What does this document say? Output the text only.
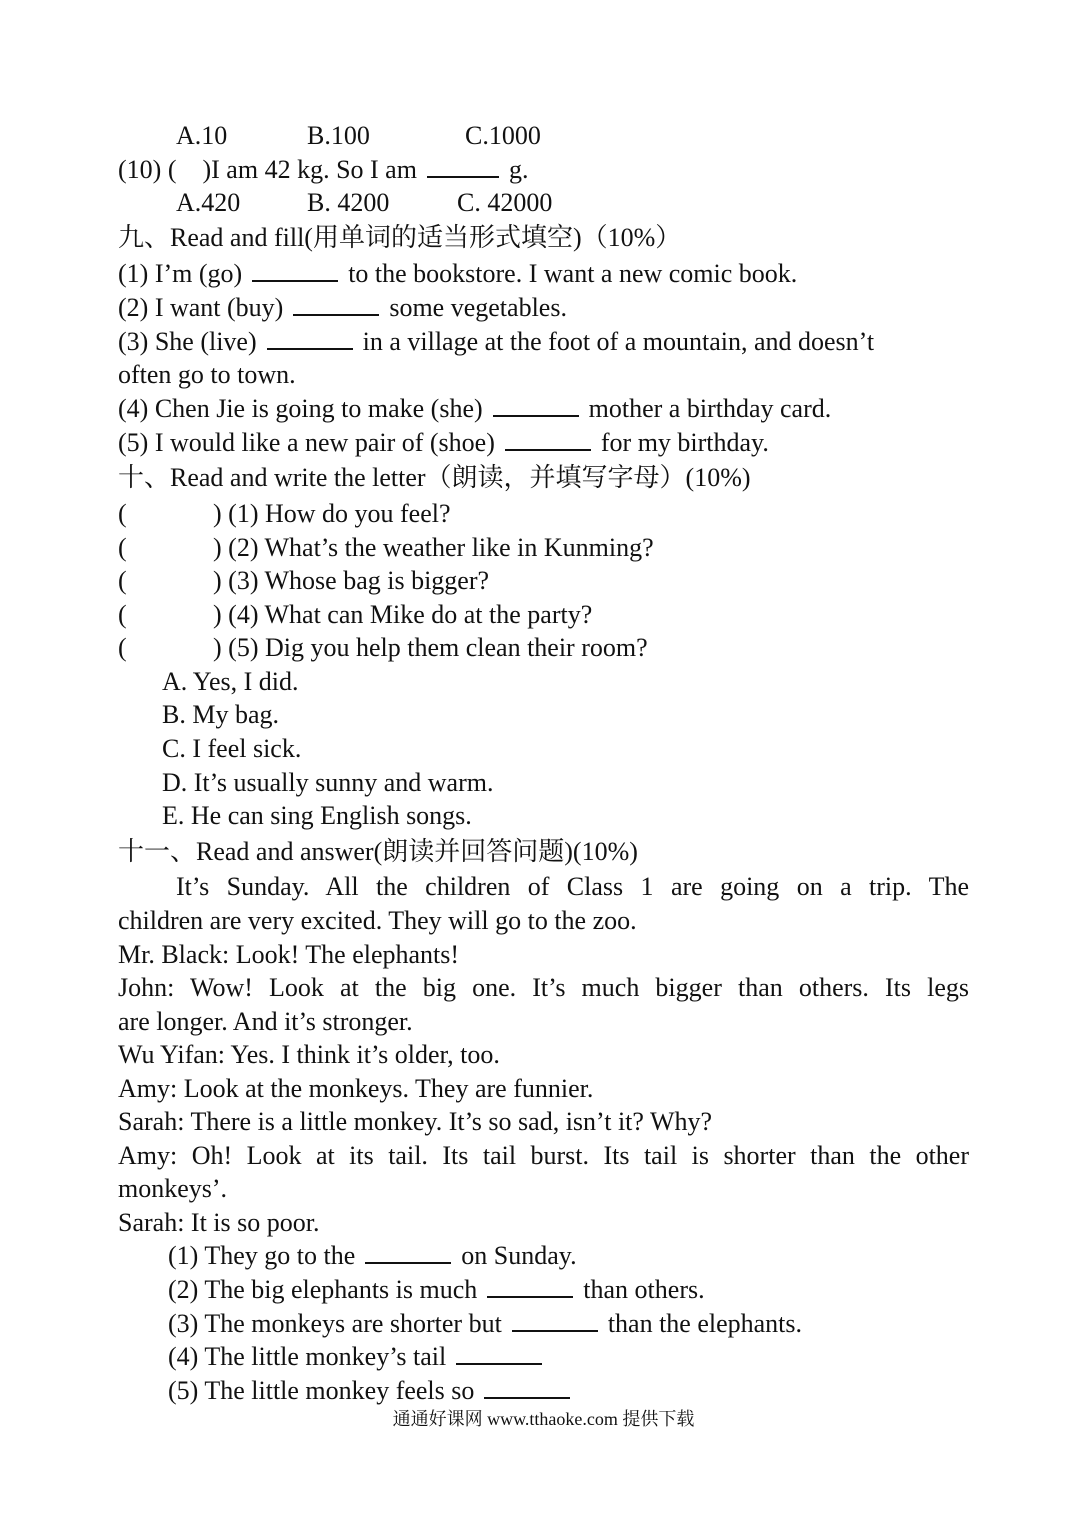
A.10	B.100	C.1000
(10) ( )I am 42 kg. So I am	g.
A.420	B. 4200	C. 42000
九、Read and fill(用单词的适当形式填空)（10%）
(1) I’m (go)	to the bookstore. I want a new comic book.
(2) I want (buy)	some vegetables.
(3) She (live)	in a village at the foot of a mountain, and doesn’t
often go to town.
(4) Chen Jie is going to make (she)	mother a birthday card.
(5) I would like a new pair of (shoe)	for my birthday.
十、Read and write the letter（朗读，并填写字母）(10%)
(	) (1) How do you feel?
(	) (2) What’s the weather like in Kunming?
(	) (3) Whose bag is bigger?
(	) (4) What can Mike do at the party?
(	) (5) Dig you help them clean their room?
A. Yes, I did.
B. My bag.
C. I feel sick.
D. It’s usually sunny and warm.
E. He can sing English songs.
十一、Read and answer(朗读并回答问题)(10%)
It’s Sunday. All the children of Class 1 are going on a trip. The
children are very excited. They will go to the zoo.
Mr. Black: Look! The elephants!
John: Wow! Look at the big one. It’s much bigger than others. Its legs
are longer. And it’s stronger.
Wu Yifan: Yes. I think it’s older, too.
Amy: Look at the monkeys. They are funnier.
Sarah: There is a little monkey. It’s so sad, isn’t it? Why?
Amy: Oh! Look at its tail. Its tail burst. Its tail is shorter than the other
monkeys’.
Sarah: It is so poor.
(1) They go to the	on Sunday.
(2) The big elephants is much	than others.
(3) The monkeys are shorter but	than the elephants.
(4) The little monkey’s tail
(5) The little monkey feels so
通通好课网 www.tthaoke.com 提供下载
